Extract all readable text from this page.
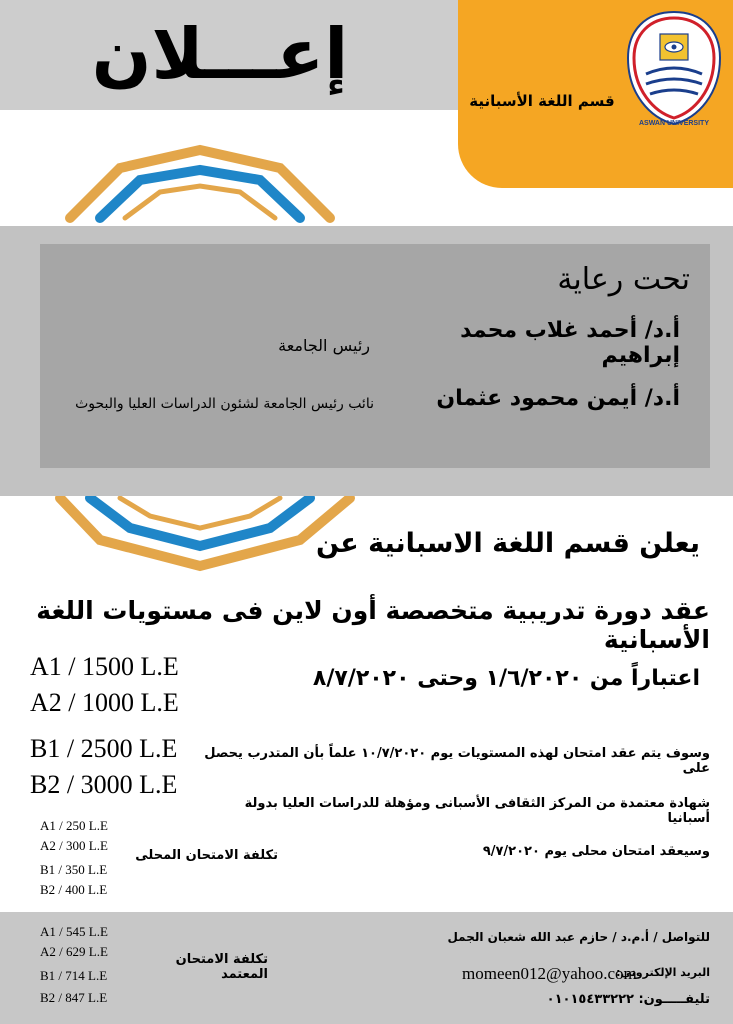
إعـــلان
قسم اللغة الأسبانية
ASWAN UNIVERSITY
تحت رعاية
أ.د/ أحمد غلاب محمد إبراهيم
رئيس الجامعة
أ.د/ أيمن محمود عثمان
نائب رئيس الجامعة لشئون الدراسات العليا والبحوث
يعلن قسم اللغة الاسبانية عن
عقد دورة تدريبية متخصصة أون لاين فى مستويات اللغة الأسبانية
اعتباراً من ١/٦/٢٠٢٠ وحتى ٨/٧/٢٠٢٠
وسوف يتم عقد امتحان لهذه المستويات يوم ١٠/٧/٢٠٢٠ علماً بأن المتدرب يحصل على
شهادة معتمدة من المركز الثقافى الأسبانى ومؤهلة للدراسات العليا بدولة أسبانيا
وسيعقد امتحان محلى يوم ٩/٧/٢٠٢٠
A1 / 1500 L.E
A2 / 1000 L.E
B1 / 2500 L.E
B2 / 3000 L.E
A1 / 250 L.E
A2 / 300 L.E
B1 / 350 L.E
B2 / 400 L.E
تكلفة الامتحان المحلى
A1 / 545 L.E
A2 / 629 L.E
B1 / 714 L.E
B2 / 847 L.E
تكلفة الامتحان المعتمد
للتواصل / أ.م.د / حازم عبد الله شعبان الجمل
البريد الإلكترونى:
momeen012@yahoo.com
تليفـــــون: ٠١٠١٥٤٣٣٢٢٢
